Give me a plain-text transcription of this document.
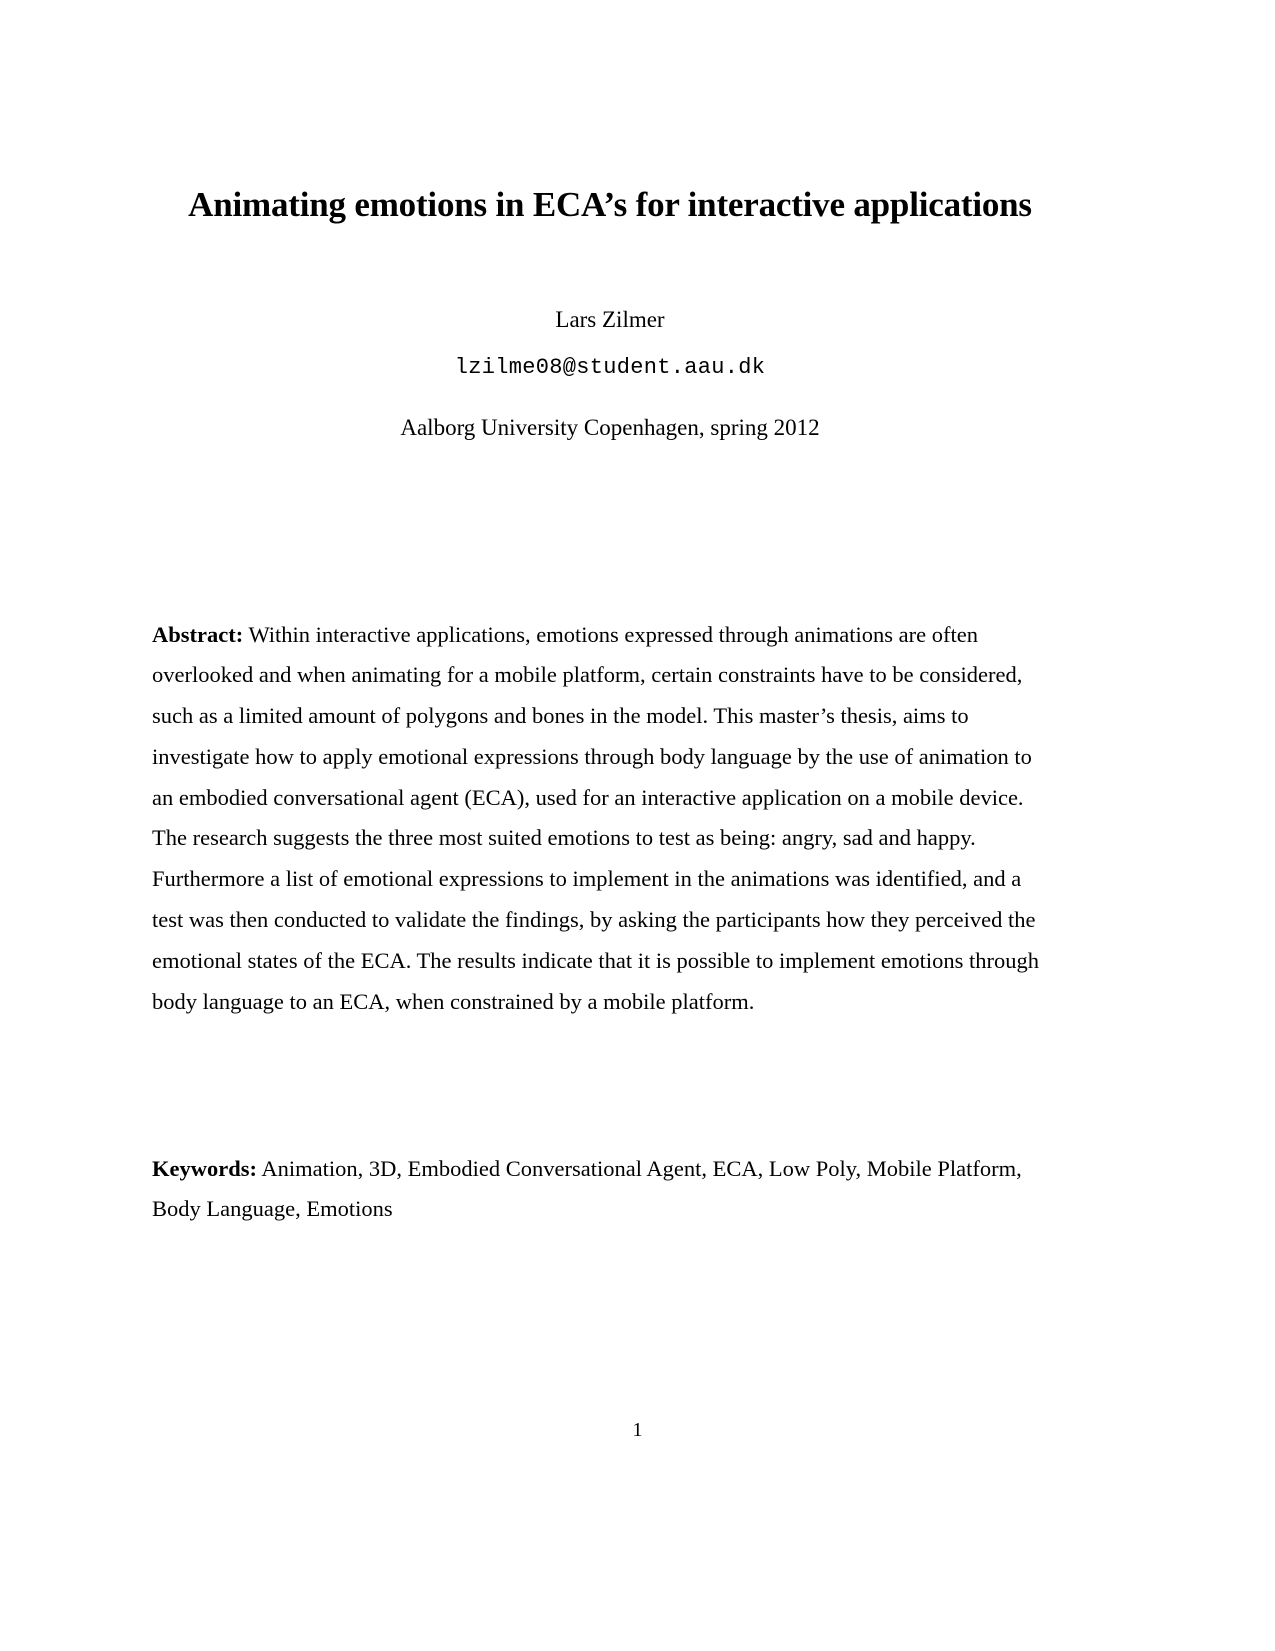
Animating emotions in ECA’s for interactive applications
Lars Zilmer
lzilme08@student.aau.dk
Aalborg University Copenhagen, spring 2012

Abstract: Within interactive applications, emotions expressed through animations are often overlooked and when animating for a mobile platform, certain constraints have to be considered, such as a limited amount of polygons and bones in the model. This master’s thesis, aims to investigate how to apply emotional expressions through body language by the use of animation to an embodied conversational agent (ECA), used for an interactive application on a mobile device. The research suggests the three most suited emotions to test as being: angry, sad and happy. Furthermore a list of emotional expressions to implement in the animations was identified, and a test was then conducted to validate the findings, by asking the participants how they perceived the emotional states of the ECA. The results indicate that it is possible to implement emotions through body language to an ECA, when constrained by a mobile platform.

Keywords: Animation, 3D, Embodied Conversational Agent, ECA, Low Poly, Mobile Platform, Body Language, Emotions

1
